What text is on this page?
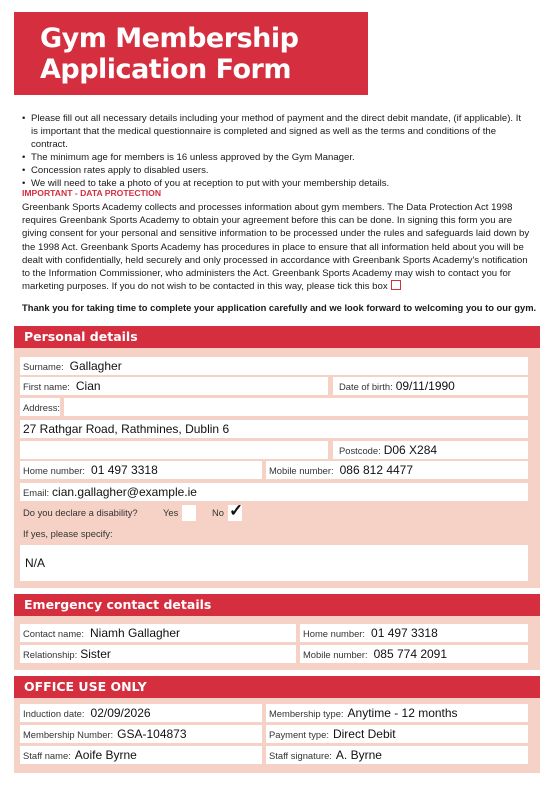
Gym Membership
Application Form
• Please fill out all necessary details including your method of payment and the direct debit mandate, (if applicable). It is important that the medical questionnaire is completed and signed as well as the terms and conditions of the contract.
• The minimum age for members is 16 unless approved by the Gym Manager.
• Concession rates apply to disabled users.
• We will need to take a photo of you at reception to put with your membership details.
IMPORTANT - DATA PROTECTION
Greenbank Sports Academy collects and processes information about gym members. The Data Protection Act 1998 requires Greenbank Sports Academy to obtain your agreement before this can be done. In signing this form you are giving consent for your personal and sensitive information to be processed under the rules and safeguards laid down by the 1998 Act. Greenbank Sports Academy has procedures in place to ensure that all information held about you will be dealt with confidentially, held securely and only processed in accordance with Greenbank Sports Academy's notification to the Information Commissioner, who administers the Act. Greenbank Sports Academy may wish to contact you for marketing purposes. If you do not wish to be contacted in this way, please tick this box
Thank you for taking time to complete your application carefully and we look forward to welcoming you to our gym.
Personal details
Surname: Gallagher
First name: Cian	Date of birth: 09/11/1990
Address:
27 Rathgar Road, Rathmines, Dublin 6
Postcode: D06 X284
Home number: 01 497 3318	Mobile number: 086 812 4477
Email: cian.gallagher@example.ie
Do you declare a disability?	Yes	No ✓
If yes, please specify:
N/A
Emergency contact details
Contact name: Niamh Gallagher	Home number: 01 497 3318
Relationship: Sister	Mobile number: 085 774 2091
OFFICE USE ONLY
Induction date: 02/09/2026	Membership type: Anytime - 12 months
Membership Number: GSA-104873	Payment type: Direct Debit
Staff name: Aoife Byrne	Staff signature: A. Byrne
